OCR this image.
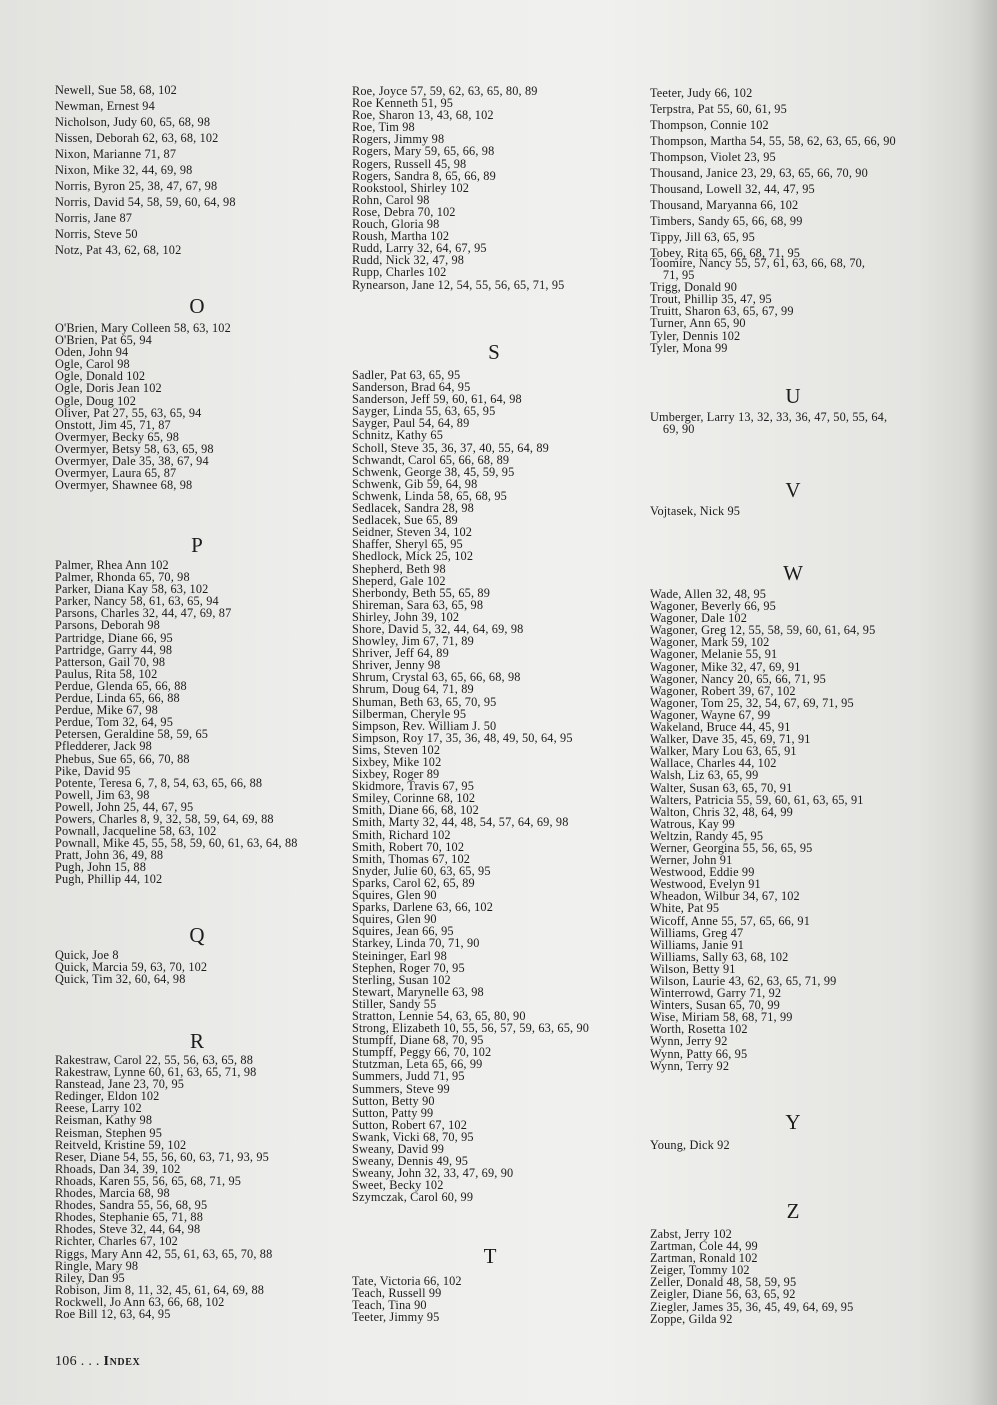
Newell, Sue 58, 68, 102
Newman, Ernest 94
Nicholson, Judy 60, 65, 68, 98
Nissen, Deborah 62, 63, 68, 102
Nixon, Marianne 71, 87
Nixon, Mike 32, 44, 69, 98
Norris, Byron 25, 38, 47, 67, 98
Norris, David 54, 58, 59, 60, 64, 98
Norris, Jane 87
Norris, Steve 50
Notz, Pat 43, 62, 68, 102
O
O'Brien, Mary Colleen 58, 63, 102
O'Brien, Pat 65, 94
Oden, John 94
Ogle, Carol 98
Ogle, Donald 102
Ogle, Doris Jean 102
Ogle, Doug 102
Oliver, Pat 27, 55, 63, 65, 94
Onstott, Jim 45, 71, 87
Overmyer, Becky 65, 98
Overmyer, Betsy 58, 63, 65, 98
Overmyer, Dale 35, 38, 67, 94
Overmyer, Laura 65, 87
Overmyer, Shawnee 68, 98
P
Palmer, Rhea Ann 102
Palmer, Rhonda 65, 70, 98
Parker, Diana Kay 58, 63, 102
Parker, Nancy 58, 61, 63, 65, 94
Parsons, Charles 32, 44, 47, 69, 87
Parsons, Deborah 98
Partridge, Diane 66, 95
Partridge, Garry 44, 98
Patterson, Gail 70, 98
Paulus, Rita 58, 102
Perdue, Glenda 65, 66, 88
Perdue, Linda 65, 66, 88
Perdue, Mike 67, 98
Perdue, Tom 32, 64, 95
Petersen, Geraldine 58, 59, 65
Pfledderer, Jack 98
Phebus, Sue 65, 66, 70, 88
Pike, David 95
Potente, Teresa 6, 7, 8, 54, 63, 65, 66, 88
Powell, Jim 63, 98
Powell, John 25, 44, 67, 95
Powers, Charles 8, 9, 32, 58, 59, 64, 69, 88
Pownall, Jacqueline 58, 63, 102
Pownall, Mike 45, 55, 58, 59, 60, 61, 63, 64, 88
Pratt, John 36, 49, 88
Pugh, John 15, 88
Pugh, Phillip 44, 102
Q
Quick, Joe 8
Quick, Marcia 59, 63, 70, 102
Quick, Tim 32, 60, 64, 98
R
Rakestraw, Carol 22, 55, 56, 63, 65, 88
Rakestraw, Lynne 60, 61, 63, 65, 71, 98
Ranstead, Jane 23, 70, 95
Redinger, Eldon 102
Reese, Larry 102
Reisman, Kathy 98
Reisman, Stephen 95
Reitveld, Kristine 59, 102
Reser, Diane 54, 55, 56, 60, 63, 71, 93, 95
Rhoads, Dan 34, 39, 102
Rhoads, Karen 55, 56, 65, 68, 71, 95
Rhodes, Marcia 68, 98
Rhodes, Sandra 55, 56, 68, 95
Rhodes, Stephanie 65, 71, 88
Rhodes, Steve 32, 44, 64, 98
Richter, Charles 67, 102
Riggs, Mary Ann 42, 55, 61, 63, 65, 70, 88
Ringle, Mary 98
Riley, Dan 95
Robison, Jim 8, 11, 32, 45, 61, 64, 69, 88
Rockwell, Jo Ann 63, 66, 68, 102
Roe Bill 12, 63, 64, 95
Roe, Joyce 57, 59, 62, 63, 65, 80, 89
Roe Kenneth 51, 95
Roe, Sharon 13, 43, 68, 102
Roe, Tim 98
Rogers, Jimmy 98
Rogers, Mary 59, 65, 66, 98
Rogers, Russell 45, 98
Rogers, Sandra 8, 65, 66, 89
Rookstool, Shirley 102
Rohn, Carol 98
Rose, Debra 70, 102
Rouch, Gloria 98
Roush, Martha 102
Rudd, Larry 32, 64, 67, 95
Rudd, Nick 32, 47, 98
Rupp, Charles 102
Rynearson, Jane 12, 54, 55, 56, 65, 71, 95
S
Sadler, Pat 63, 65, 95
Sanderson, Brad 64, 95
Sanderson, Jeff 59, 60, 61, 64, 98
Sayger, Linda 55, 63, 65, 95
Sayger, Paul 54, 64, 89
Schnitz, Kathy 65
Scholl, Steve 35, 36, 37, 40, 55, 64, 89
Schwandt, Carol 65, 66, 68, 89
Schwenk, George 38, 45, 59, 95
Schwenk, Gib 59, 64, 98
Schwenk, Linda 58, 65, 68, 95
Sedlacek, Sandra 28, 98
Sedlacek, Sue 65, 89
Seidner, Steven 34, 102
Shaffer, Sheryl 65, 95
Shedlock, Mick 25, 102
Shepherd, Beth 98
Sheperd, Gale 102
Sherbondy, Beth 55, 65, 89
Shireman, Sara 63, 65, 98
Shirley, John 39, 102
Shore, David 5, 32, 44, 64, 69, 98
Showley, Jim 67, 71, 89
Shriver, Jeff 64, 89
Shriver, Jenny 98
Shrum, Crystal 63, 65, 66, 68, 98
Shrum, Doug 64, 71, 89
Shuman, Beth 63, 65, 70, 95
Silberman, Cheryle 95
Simpson, Rev. William J. 50
Simpson, Roy 17, 35, 36, 48, 49, 50, 64, 95
Sims, Steven 102
Sixbey, Mike 102
Sixbey, Roger 89
Skidmore, Travis 67, 95
Smiley, Corinne 68, 102
Smith, Diane 66, 68, 102
Smith, Marty 32, 44, 48, 54, 57, 64, 69, 98
Smith, Richard 102
Smith, Robert 70, 102
Smith, Thomas 67, 102
Snyder, Julie 60, 63, 65, 95
Sparks, Carol 62, 65, 89
Squires, Glen 90
Sparks, Darlene 63, 66, 102
Squires, Glen 90
Squires, Jean 66, 95
Starkey, Linda 70, 71, 90
Steininger, Earl 98
Stephen, Roger 70, 95
Sterling, Susan 102
Stewart, Marynelle 63, 98
Stiller, Sandy 55
Stratton, Lennie 54, 63, 65, 80, 90
Strong, Elizabeth 10, 55, 56, 57, 59, 63, 65, 90
Stumpff, Diane 68, 70, 95
Stumpff, Peggy 66, 70, 102
Stutzman, Leta 65, 66, 99
Summers, Judd 71, 95
Summers, Steve 99
Sutton, Betty 90
Sutton, Patty 99
Sutton, Robert 67, 102
Swank, Vicki 68, 70, 95
Sweany, David 99
Sweany, Dennis 49, 95
Sweany, John 32, 33, 47, 69, 90
Sweet, Becky 102
Szymczak, Carol 60, 99
T
Tate, Victoria 66, 102
Teach, Russell 99
Teach, Tina 90
Teeter, Jimmy 95
Teeter, Judy 66, 102
Terpstra, Pat 55, 60, 61, 95
Thompson, Connie 102
Thompson, Martha 54, 55, 58, 62, 63, 65, 66, 90
Thompson, Violet 23, 95
Thousand, Janice 23, 29, 63, 65, 66, 70, 90
Thousand, Lowell 32, 44, 47, 95
Thousand, Maryanna 66, 102
Timbers, Sandy 65, 66, 68, 99
Tippy, Jill 63, 65, 95
Tobey, Rita 65, 66, 68, 71, 95
Toomire, Nancy 55, 57, 61, 63, 66, 68, 70,
71, 95
Trigg, Donald 90
Trout, Phillip 35, 47, 95
Truitt, Sharon 63, 65, 67, 99
Turner, Ann 65, 90
Tyler, Dennis 102
Tyler, Mona 99
U
Umberger, Larry 13, 32, 33, 36, 47, 50, 55, 64,
69, 90
V
Vojtasek, Nick 95
W
Wade, Allen 32, 48, 95
Wagoner, Beverly 66, 95
Wagoner, Dale 102
Wagoner, Greg 12, 55, 58, 59, 60, 61, 64, 95
Wagoner, Mark 59, 102
Wagoner, Melanie 55, 91
Wagoner, Mike 32, 47, 69, 91
Wagoner, Nancy 20, 65, 66, 71, 95
Wagoner, Robert 39, 67, 102
Wagoner, Tom 25, 32, 54, 67, 69, 71, 95
Wagoner, Wayne 67, 99
Wakeland, Bruce 44, 45, 91
Walker, Dave 35, 45, 69, 71, 91
Walker, Mary Lou 63, 65, 91
Wallace, Charles 44, 102
Walsh, Liz 63, 65, 99
Walter, Susan 63, 65, 70, 91
Walters, Patricia 55, 59, 60, 61, 63, 65, 91
Walton, Chris 32, 48, 64, 99
Watrous, Kay 99
Weltzin, Randy 45, 95
Werner, Georgina 55, 56, 65, 95
Werner, John 91
Westwood, Eddie 99
Westwood, Evelyn 91
Wheadon, Wilbur 34, 67, 102
White, Pat 95
Wicoff, Anne 55, 57, 65, 66, 91
Williams, Greg 47
Williams, Janie 91
Williams, Sally 63, 68, 102
Wilson, Betty 91
Wilson, Laurie 43, 62, 63, 65, 71, 99
Winterrowd, Garry 71, 92
Winters, Susan 65, 70, 99
Wise, Miriam 58, 68, 71, 99
Worth, Rosetta 102
Wynn, Jerry 92
Wynn, Patty 66, 95
Wynn, Terry 92
Y
Young, Dick 92
Z
Zabst, Jerry 102
Zartman, Cole 44, 99
Zartman, Ronald 102
Zeiger, Tommy 102
Zeller, Donald 48, 58, 59, 95
Zeigler, Diane 56, 63, 65, 92
Ziegler, James 35, 36, 45, 49, 64, 69, 95
Zoppe, Gilda 92
106 . . . Index
